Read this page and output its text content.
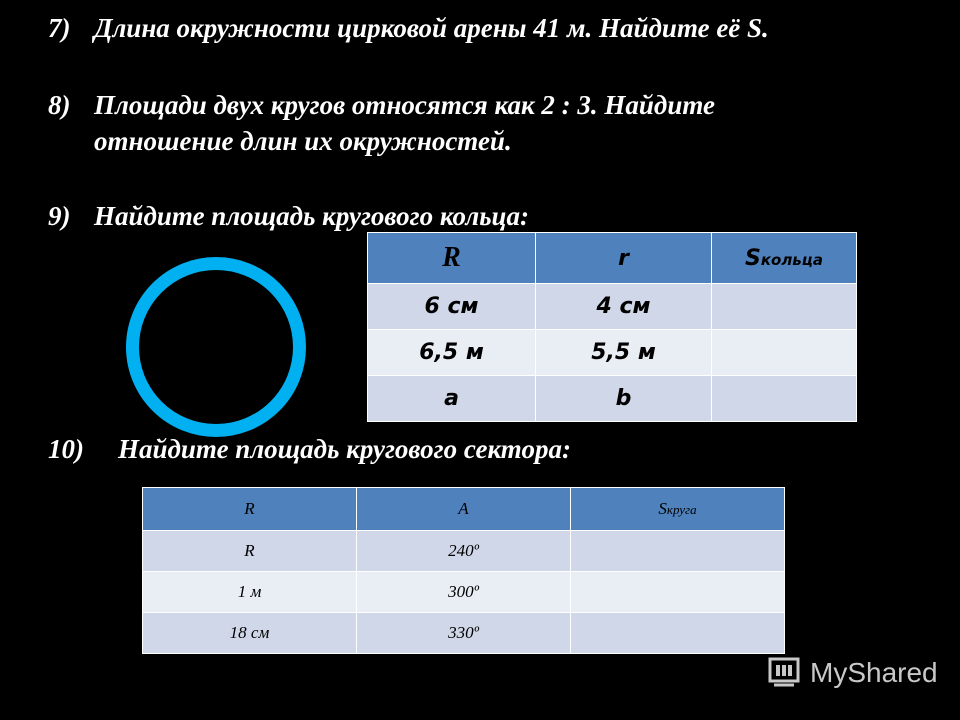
7) Длина окружности цирковой арены 41 м. Найдите её S.

8) Площади двух кругов относятся как 2 : 3. Найдите
отношение длин их окружностей.

9) Найдите площадь кругового кольца:

R	r	Sкольца
6 см	4 см	
6,5 м	5,5 м	
a	b	

10) Найдите площадь кругового сектора:

R	A	Sкруга
R	240º	
1 м	300º	
18 см	330º	
MyShared
